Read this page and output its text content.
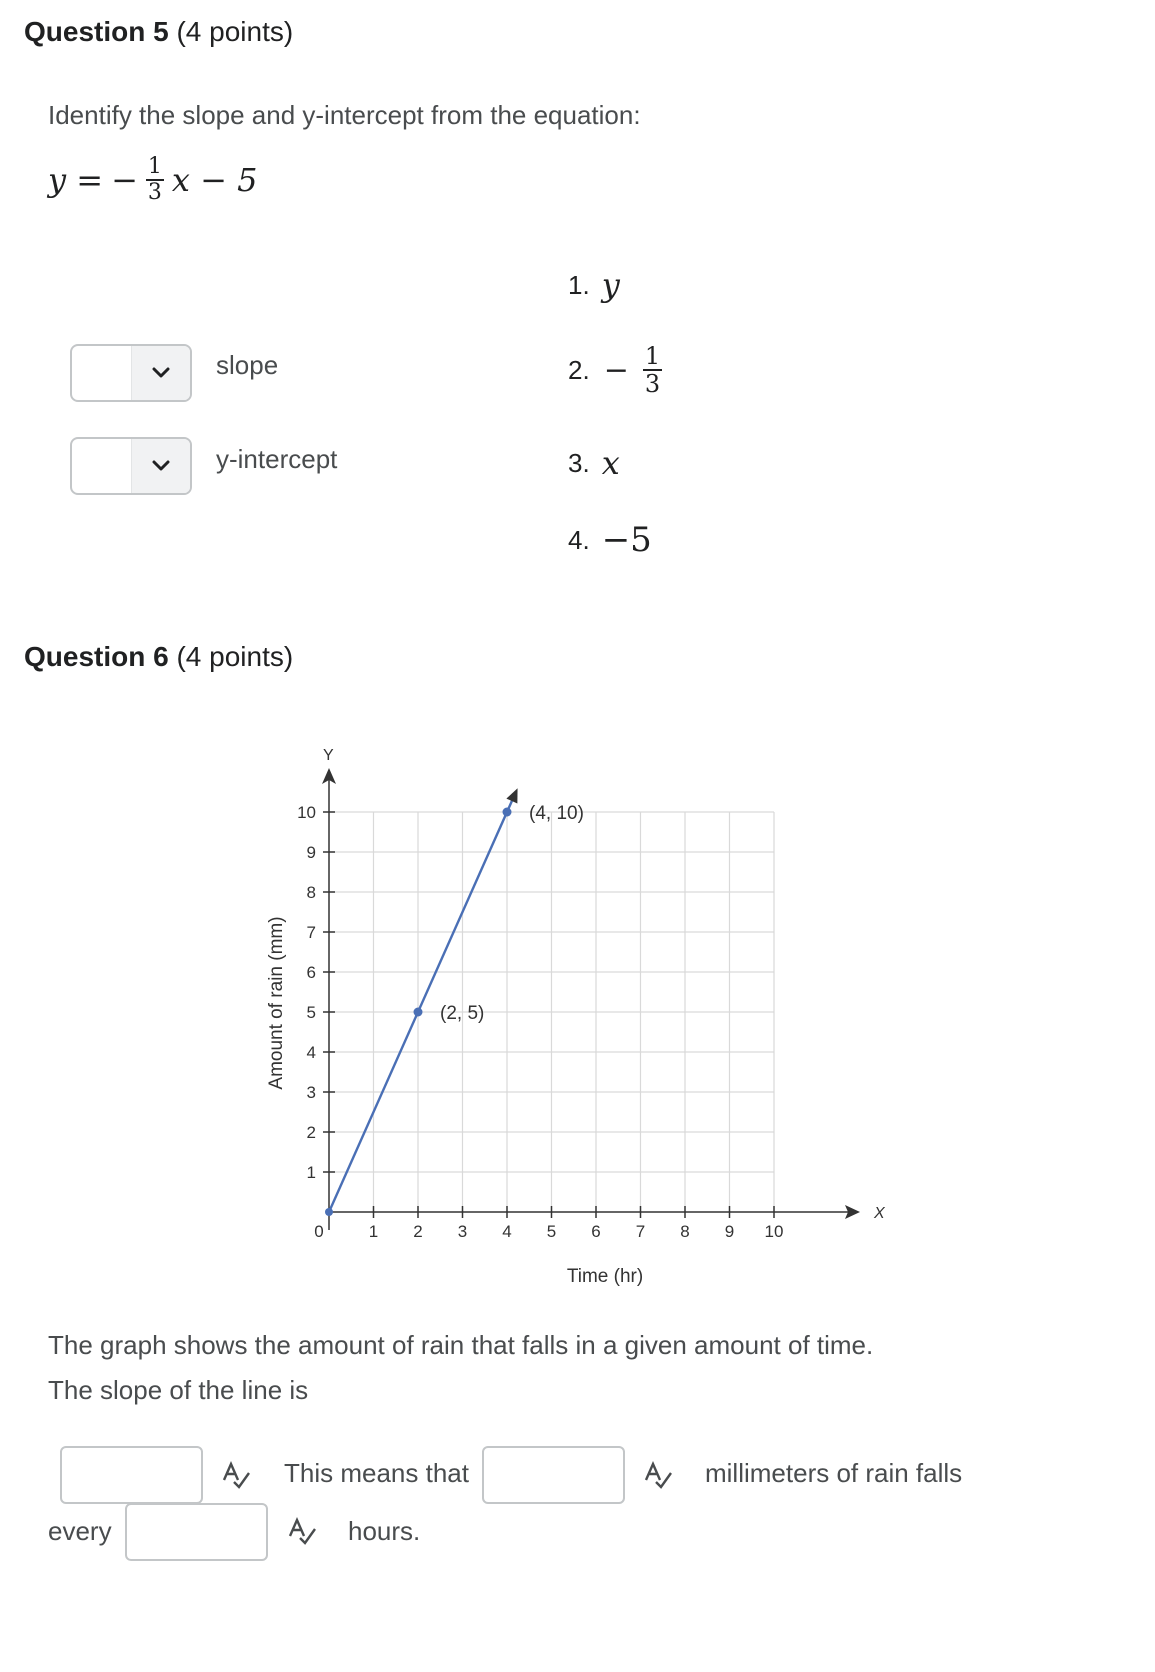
Question 5 (4 points)
Identify the slope and y-intercept from the equation:
y = − $\frac{1}{3}$ x − 5
slope
y-intercept
1. y
2. − $\frac{1}{3}$
3. x
4. −5
Question 6 (4 points)
X
Y
Time (hr)
Amount of rain (mm)
0	1 2 3 4 5 6 7 8 9 10
1
2
3
4
5
6
7
8
9
10
(2, 5)
(4, 10)
The graph shows the amount of rain that falls in a given amount of time.
The slope of the line is
This means that	millimeters of rain falls
every	hours.
